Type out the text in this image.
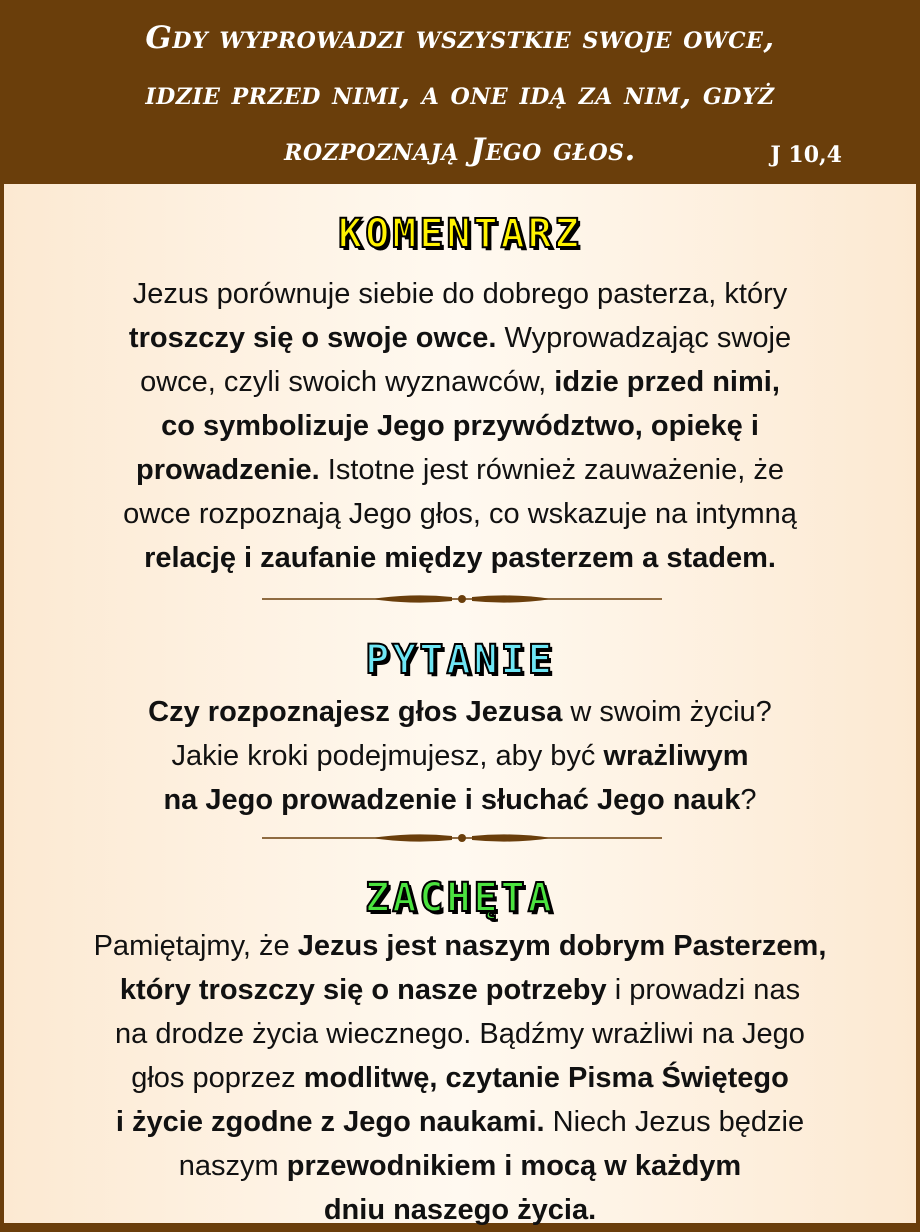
Gdy wyprowadzi wszystkie swoje owce,
idzie przed nimi, a one idą za nim, gdyż
rozpoznają Jego głos.	J 10,4
KOMENTARZ

Jezus porównuje siebie do dobrego pasterza, który

troszczy się o swoje owce. Wyprowadzając swoje

owce, czyli swoich wyznawców, idzie przed nimi,

co symbolizuje Jego przywództwo, opiekę i

prowadzenie. Istotne jest również zauważenie, że

owce rozpoznają Jego głos, co wskazuje na intymną

relację i zaufanie między pasterzem a stadem.

PYTANIE

Czy rozpoznajesz głos Jezusa w swoim życiu?

Jakie kroki podejmujesz, aby być wrażliwym

na Jego prowadzenie i słuchać Jego nauk?

ZACHĘTA

Pamiętajmy, że Jezus jest naszym dobrym Pasterzem,

który troszczy się o nasze potrzeby i prowadzi nas

na drodze życia wiecznego. Bądźmy wrażliwi na Jego

głos poprzez modlitwę, czytanie Pisma Świętego

i życie zgodne z Jego naukami. Niech Jezus będzie

naszym przewodnikiem i mocą w każdym

dniu naszego życia.
